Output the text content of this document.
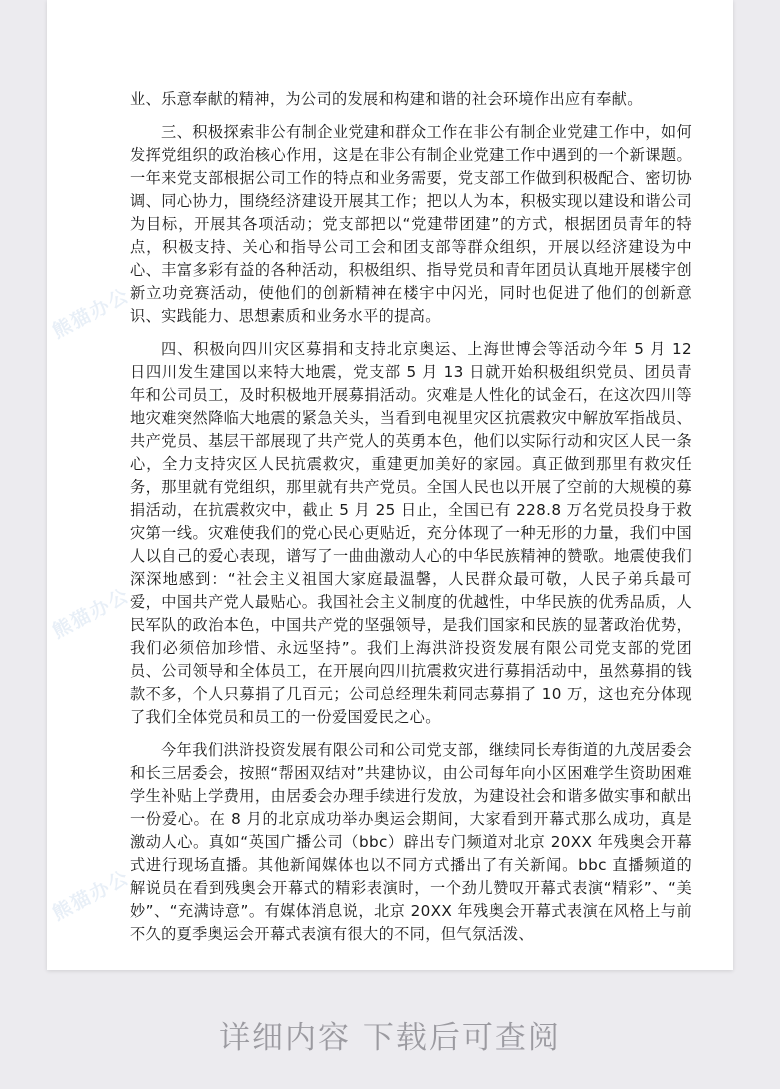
熊猫办公
熊猫办公
熊猫办公

业、乐意奉献的精神，为公司的发展和构建和谐的社会环境作出应有奉献。

三、积极探索非公有制企业党建和群众工作在非公有制企业党建工作中，如何发挥党组织的政治核心作用，这是在非公有制企业党建工作中遇到的一个新课题。一年来党支部根据公司工作的特点和业务需要，党支部工作做到积极配合、密切协调、同心协力，围绕经济建设开展其工作；把以人为本，积极实现以建设和谐公司为目标，开展其各项活动；党支部把以“党建带团建”的方式，根据团员青年的特点，积极支持、关心和指导公司工会和团支部等群众组织，开展以经济建设为中心、丰富多彩有益的各种活动，积极组织、指导党员和青年团员认真地开展楼宇创新立功竞赛活动，使他们的创新精神在楼宇中闪光，同时也促进了他们的创新意识、实践能力、思想素质和业务水平的提高。

四、积极向四川灾区募捐和支持北京奥运、上海世博会等活动今年 5 月 12 日四川发生建国以来特大地震，党支部 5 月 13 日就开始积极组织党员、团员青年和公司员工，及时积极地开展募捐活动。灾难是人性化的试金石，在这次四川等地灾难突然降临大地震的紧急关头，当看到电视里灾区抗震救灾中解放军指战员、共产党员、基层干部展现了共产党人的英勇本色，他们以实际行动和灾区人民一条心，全力支持灾区人民抗震救灾，重建更加美好的家园。真正做到那里有救灾任务，那里就有党组织，那里就有共产党员。全国人民也以开展了空前的大规模的募捐活动，在抗震救灾中，截止 5 月 25 日止，全国已有 228.8 万名党员投身于救灾第一线。灾难使我们的党心民心更贴近，充分体现了一种无形的力量，我们中国人以自己的爱心表现，谱写了一曲曲激动人心的中华民族精神的赞歌。地震使我们深深地感到：“社会主义祖国大家庭最温馨，人民群众最可敬，人民子弟兵最可爱，中国共产党人最贴心。我国社会主义制度的优越性，中华民族的优秀品质，人民军队的政治本色，中国共产党的坚强领导，是我们国家和民族的显著政治优势，我们必须倍加珍惜、永远坚持”。我们上海洪浒投资发展有限公司党支部的党团员、公司领导和全体员工，在开展向四川抗震救灾进行募捐活动中，虽然募捐的钱款不多，个人只募捐了几百元；公司总经理朱莉同志募捐了 10 万，这也充分体现了我们全体党员和员工的一份爱国爱民之心。

今年我们洪浒投资发展有限公司和公司党支部，继续同长寿街道的九茂居委会和长三居委会，按照“帮困双结对”共建协议，由公司每年向小区困难学生资助困难学生补贴上学费用，由居委会办理手续进行发放，为建设社会和谐多做实事和献出一份爱心。在 8 月的北京成功举办奥运会期间，大家看到开幕式那么成功，真是激动人心。真如“英国广播公司（bbc）辟出专门频道对北京 20XX 年残奥会开幕式进行现场直播。其他新闻媒体也以不同方式播出了有关新闻。bbc 直播频道的解说员在看到残奥会开幕式的精彩表演时，一个劲儿赞叹开幕式表演“精彩”、“美妙”、“充满诗意”。有媒体消息说，北京 20XX 年残奥会开幕式表演在风格上与前不久的夏季奥运会开幕式表演有很大的不同，但气氛活泼、

详细内容 下载后可查阅
